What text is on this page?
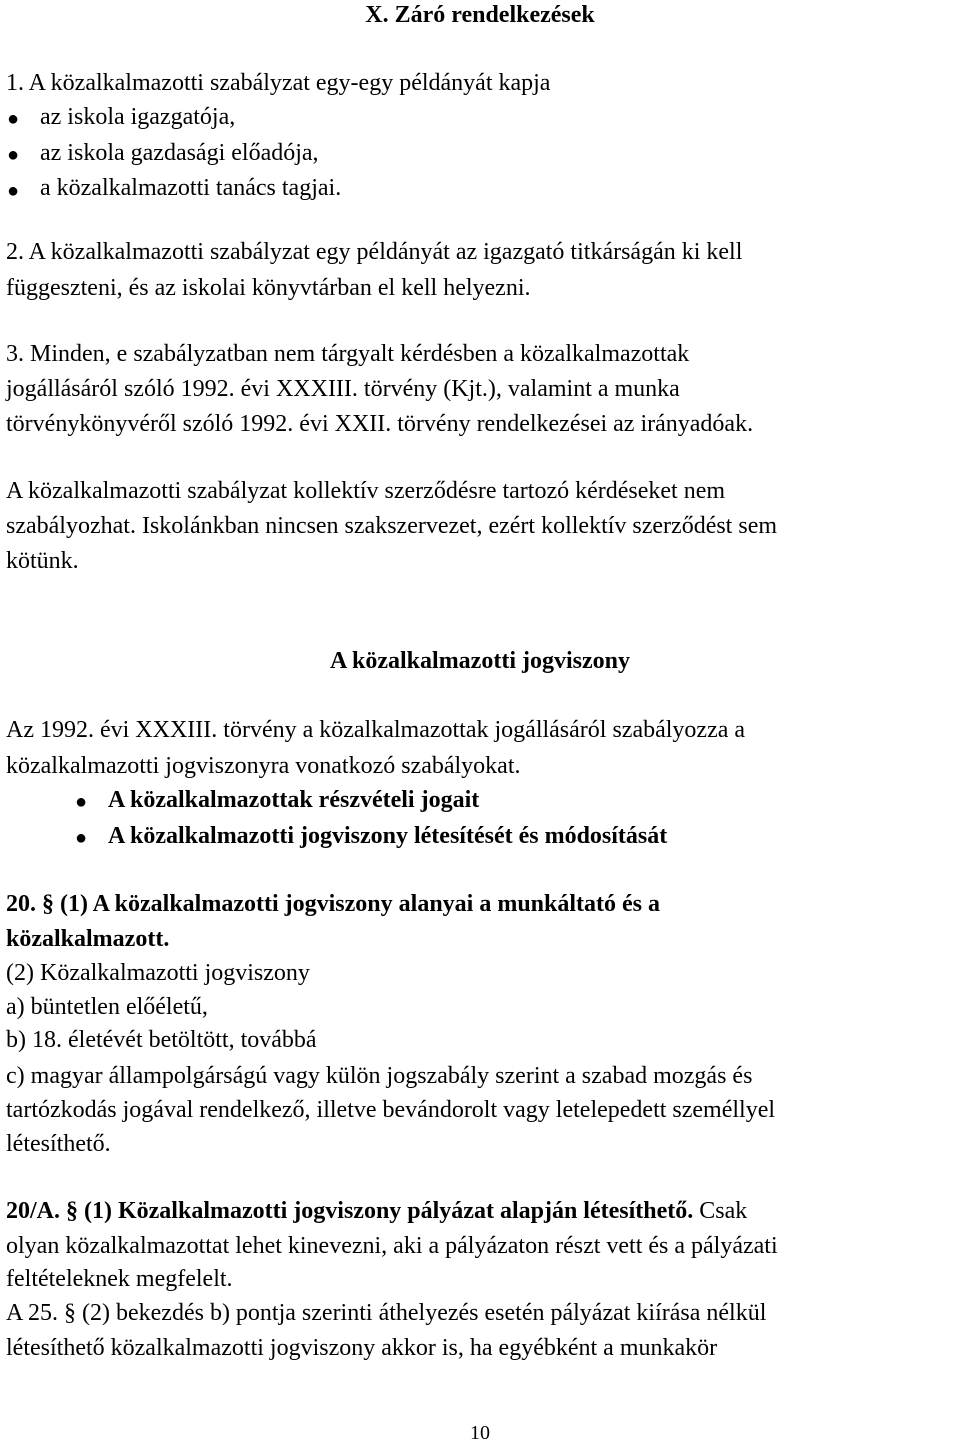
X. Záró rendelkezések
1. A közalkalmazotti szabályzat egy-egy példányát kapja
● az iskola igazgatója,
● az iskola gazdasági előadója,
● a közalkalmazotti tanács tagjai.
2. A közalkalmazotti szabályzat egy példányát az igazgató titkárságán ki kell
függeszteni, és az iskolai könyvtárban el kell helyezni.
3. Minden, e szabályzatban nem tárgyalt kérdésben a közalkalmazottak
jogállásáról szóló 1992. évi XXXIII. törvény (Kjt.), valamint a munka
törvénykönyvéről szóló 1992. évi XXII. törvény rendelkezései az irányadóak.
A közalkalmazotti szabályzat kollektív szerződésre tartozó kérdéseket nem
szabályozhat. Iskolánkban nincsen szakszervezet, ezért kollektív szerződést sem
kötünk.
A közalkalmazotti jogviszony
Az 1992. évi XXXIII. törvény a közalkalmazottak jogállásáról szabályozza a
közalkalmazotti jogviszonyra vonatkozó szabályokat.
● A közalkalmazottak részvételi jogait
● A közalkalmazotti jogviszony létesítését és módosítását
20. § (1) A közalkalmazotti jogviszony alanyai a munkáltató és a
közalkalmazott.
(2) Közalkalmazotti jogviszony
a) büntetlen előéletű,
b) 18. életévét betöltött, továbbá
c) magyar állampolgárságú vagy külön jogszabály szerint a szabad mozgás és
tartózkodás jogával rendelkező, illetve bevándorolt vagy letelepedett személlyel
létesíthető.
20/A. § (1) Közalkalmazotti jogviszony pályázat alapján létesíthető. Csak
olyan közalkalmazottat lehet kinevezni, aki a pályázaton részt vett és a pályázati
feltételeknek megfelelt.
A 25. § (2) bekezdés b) pontja szerinti áthelyezés esetén pályázat kiírása nélkül
létesíthető közalkalmazotti jogviszony akkor is, ha egyébként a munkakör
10
